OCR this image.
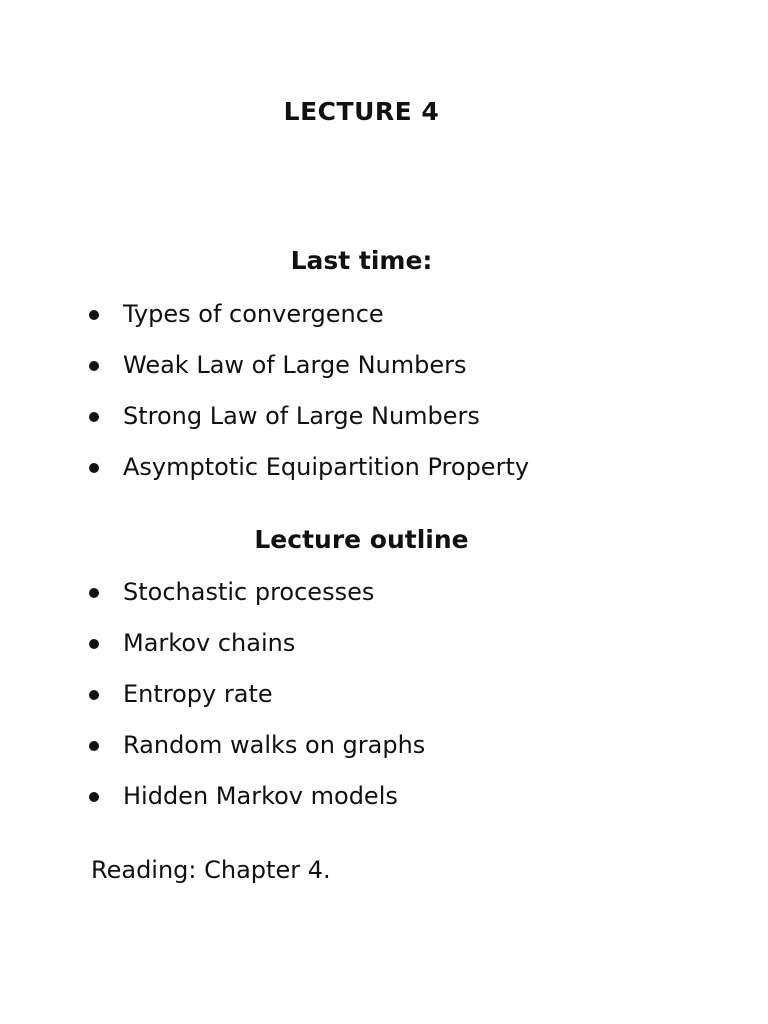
LECTURE 4
Last time:
Types of convergence
Weak Law of Large Numbers
Strong Law of Large Numbers
Asymptotic Equipartition Property
Lecture outline
Stochastic processes
Markov chains
Entropy rate
Random walks on graphs
Hidden Markov models
Reading: Chapter 4.
